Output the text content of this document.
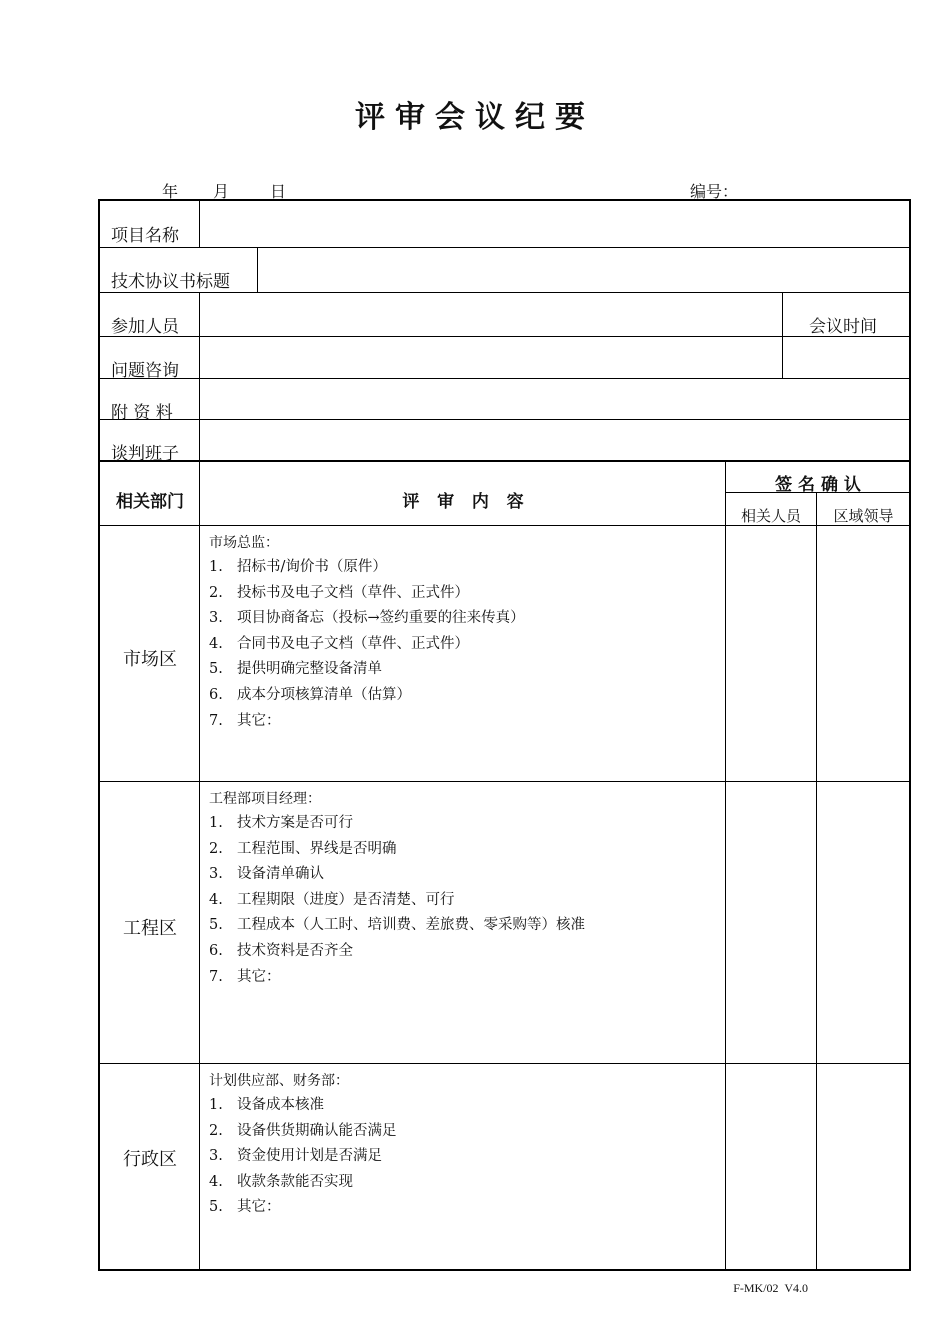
评审会议纪要
年 月	日	编号：
项目名称
技术协议书标题
参加人员	会议时间
问题咨询
附 资 料
谈判班子
相关部门	评   审   内   容
签 名 确 认
相关人员	区域领导
市场区
市场总监：
1. 招标书/询价书（原件）
2. 投标书及电子文档（草件、正式件）
3. 项目协商备忘（投标→签约重要的往来传真）
4. 合同书及电子文档（草件、正式件）
5. 提供明确完整设备清单
6. 成本分项核算清单（估算）
7. 其它：
工程区
工程部项目经理：
1. 技术方案是否可行
2. 工程范围、界线是否明确
3. 设备清单确认
4. 工程期限（进度）是否清楚、可行
5. 工程成本（人工时、培训费、差旅费、零采购等）核准
6. 技术资料是否齐全
7. 其它：
行政区
计划供应部、财务部：
1. 设备成本核准
2. 设备供货期确认能否满足
3. 资金使用计划是否满足
4. 收款条款能否实现
5. 其它：
F-MK/02  V4.0
